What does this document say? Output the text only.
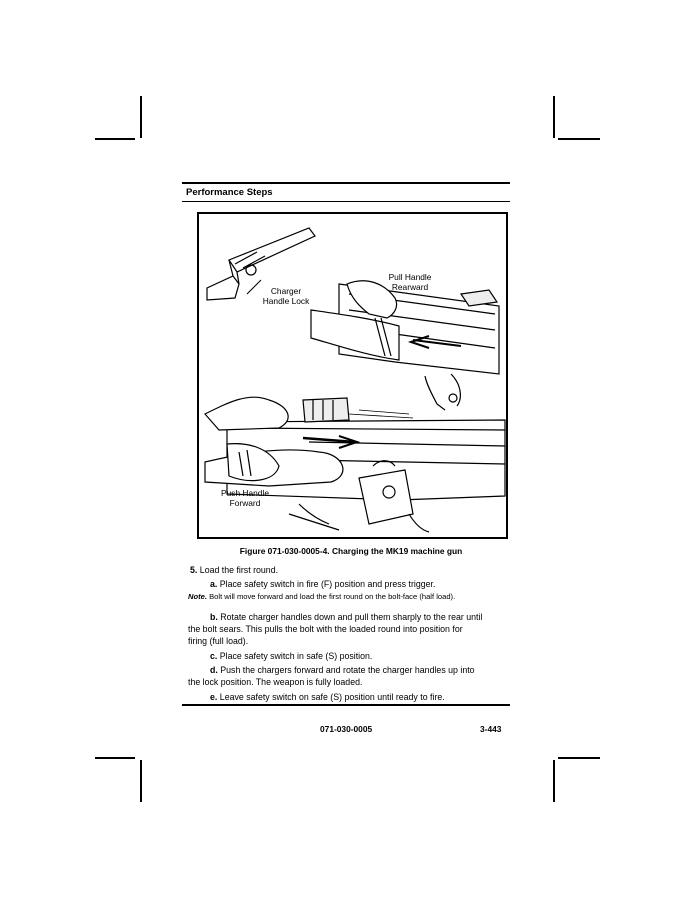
Performance Steps
Charger
Handle Lock
Pull Handle
Rearward
Push Handle
Forward
Figure 071-030-0005-4. Charging the MK19 machine gun
5. Load the first round.
a. Place safety switch in fire (F) position and press trigger.
Note. Bolt will move forward and load the first round on the bolt-face (half load).
b. Rotate charger handles down and pull them sharply to the rear until
the bolt sears. This pulls the bolt with the loaded round into position for
firing (full load).
c. Place safety switch in safe (S) position.
d. Push the chargers forward and rotate the charger handles up into
the lock position. The weapon is fully loaded.
e. Leave safety switch on safe (S) position until ready to fire.
071-030-0005	3-443
